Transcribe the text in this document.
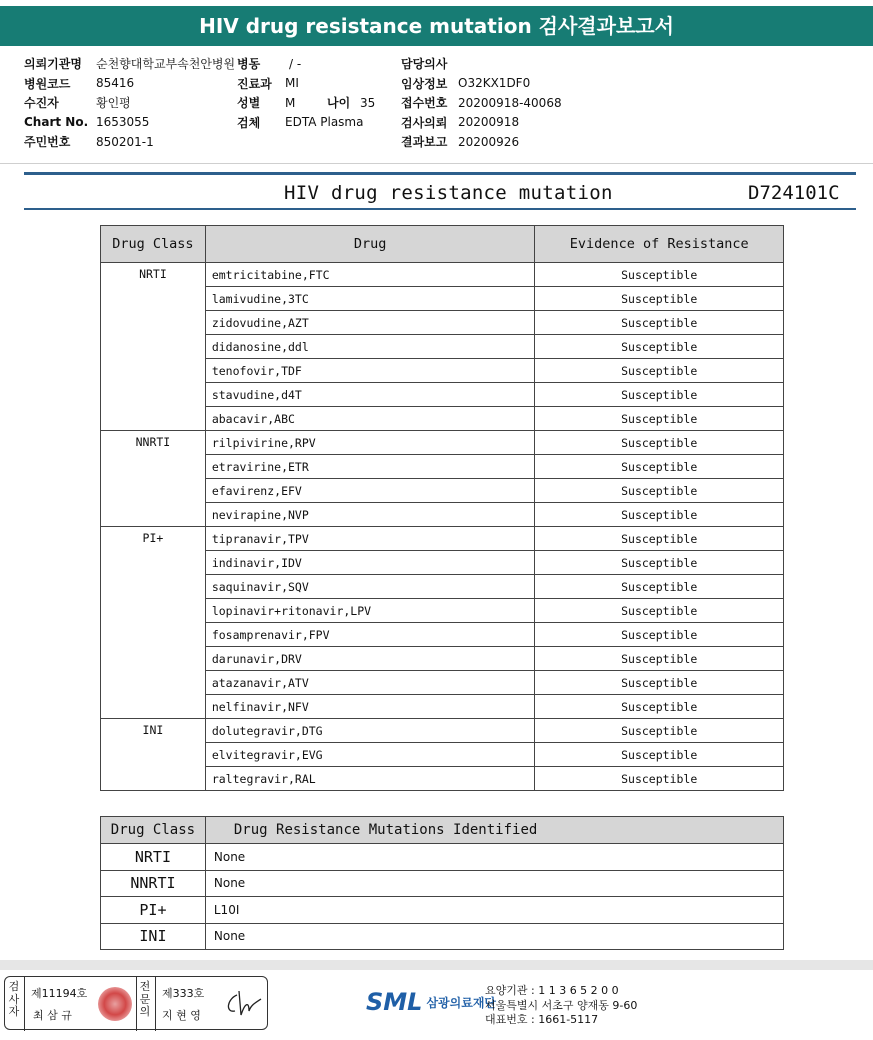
HIV drug resistance mutation 검사결과보고서
의뢰기관명	순천향대학교부속천안병원
병원코드	85416
수진자	황인평
Chart No. 1653055
주민번호	850201-1
병동	/ -
진료과	MI
성별	M	나이 35
검체	EDTA Plasma
담당의사
임상정보 O32KX1DF0
접수번호 20200918-40068
검사의뢰 20200918
결과보고 20200926
HIV drug resistance mutation	D724101C
Drug Class	Drug	Evidence of Resistance
NRTI	emtricitabine,FTC	Susceptible
	lamivudine,3TC	Susceptible
	zidovudine,AZT	Susceptible
	didanosine,ddl	Susceptible
	tenofovir,TDF	Susceptible
	stavudine,d4T	Susceptible
	abacavir,ABC	Susceptible
NNRTI	rilpivirine,RPV	Susceptible
	etravirine,ETR	Susceptible
	efavirenz,EFV	Susceptible
	nevirapine,NVP	Susceptible
PI+	tipranavir,TPV	Susceptible
	indinavir,IDV	Susceptible
	saquinavir,SQV	Susceptible
	lopinavir+ritonavir,LPV	Susceptible
	fosamprenavir,FPV	Susceptible
	darunavir,DRV	Susceptible
	atazanavir,ATV	Susceptible
	nelfinavir,NFV	Susceptible
INI	dolutegravir,DTG	Susceptible
	elvitegravir,EVG	Susceptible
	raltegravir,RAL	Susceptible
Drug Class	Drug Resistance Mutations Identified
NRTI	None
NNRTI	None
PI+	L10I
INI	None
검사자
제11194호
최 삼 규
전문의
제333호
지 현 영	SML 삼광의료재단
요양기관 : 1 1 3 6 5 2 0 0
서울특별시 서초구 양재동 9-60
대표번호 : 1661-5117
